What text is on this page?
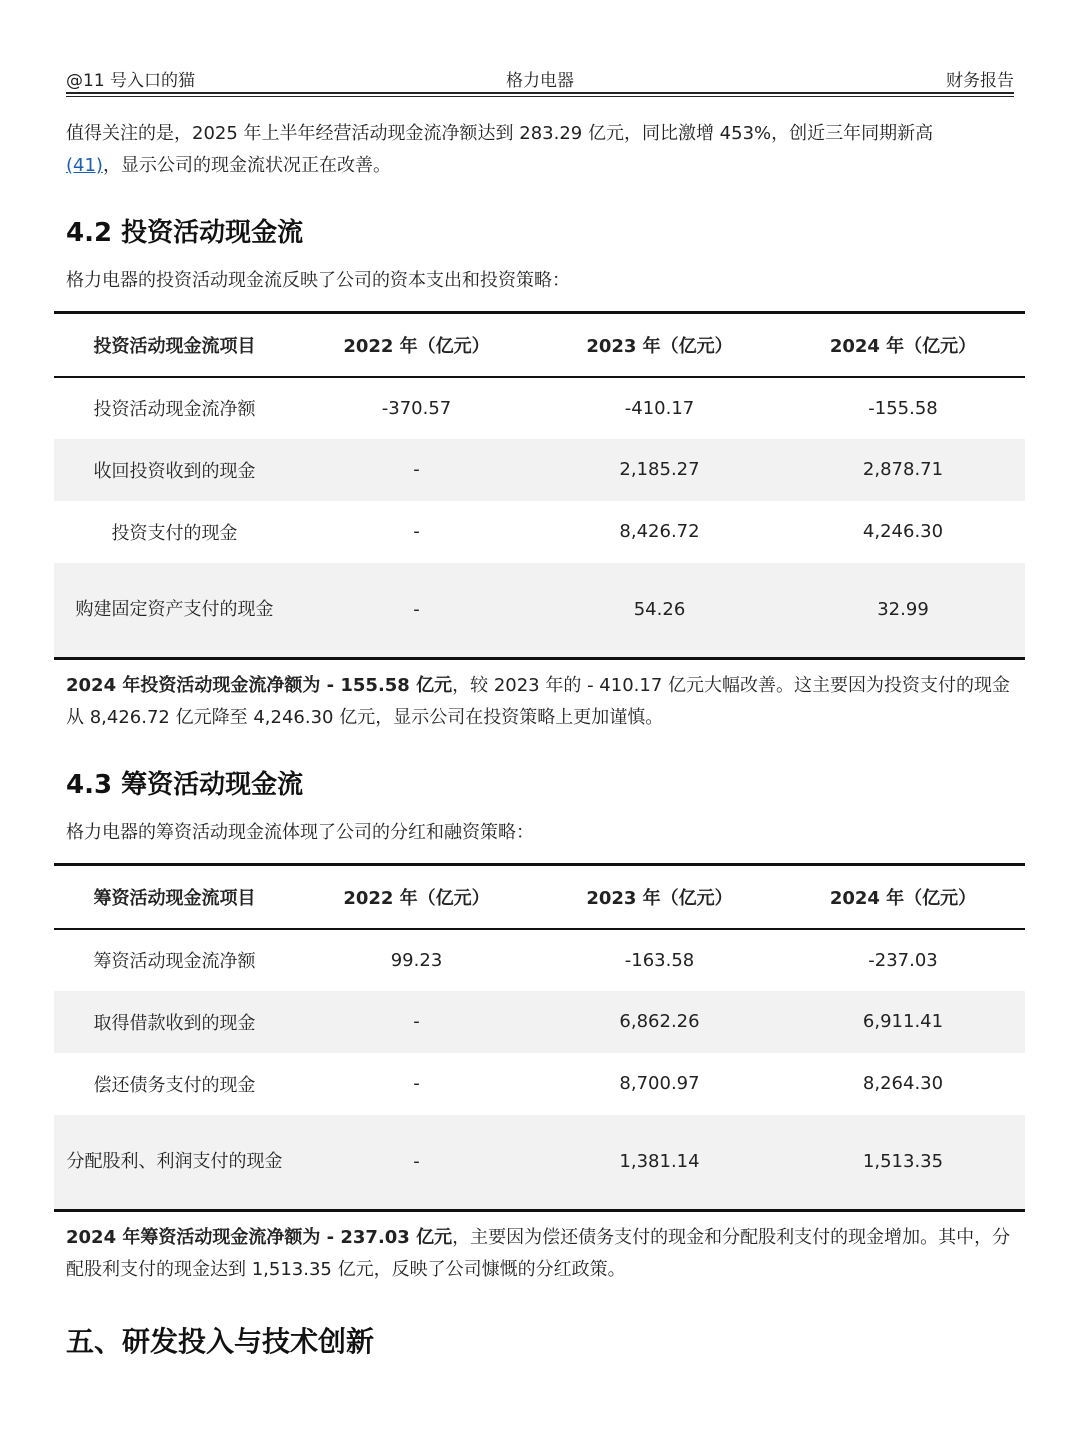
@11 号入口的猫	格力电器	财务报告
值得关注的是，2025 年上半年经营活动现金流净额达到 283.29 亿元，同比激增 453%，创近三年同期新高
(41)，显示公司的现金流状况正在改善。
4.2 投资活动现金流
格力电器的投资活动现金流反映了公司的资本支出和投资策略：
投资活动现金流项目	2022 年（亿元）	2023 年（亿元）	2024 年（亿元）
投资活动现金流净额	-370.57	-410.17	-155.58
收回投资收到的现金	-	2,185.27	2,878.71
投资支付的现金	-	8,426.72	4,246.30
购建固定资产支付的现金	-	54.26	32.99
2024 年投资活动现金流净额为 - 155.58 亿元，较 2023 年的 - 410.17 亿元大幅改善。这主要因为投资支付的现金从 8,426.72 亿元降至 4,246.30 亿元，显示公司在投资策略上更加谨慎。
4.3 筹资活动现金流
格力电器的筹资活动现金流体现了公司的分红和融资策略：
筹资活动现金流项目	2022 年（亿元）	2023 年（亿元）	2024 年（亿元）
筹资活动现金流净额	99.23	-163.58	-237.03
取得借款收到的现金	-	6,862.26	6,911.41
偿还债务支付的现金	-	8,700.97	8,264.30
分配股利、利润支付的现金	-	1,381.14	1,513.35
2024 年筹资活动现金流净额为 - 237.03 亿元，主要因为偿还债务支付的现金和分配股利支付的现金增加。其中，分配股利支付的现金达到 1,513.35 亿元，反映了公司慷慨的分红政策。
五、研发投入与技术创新
